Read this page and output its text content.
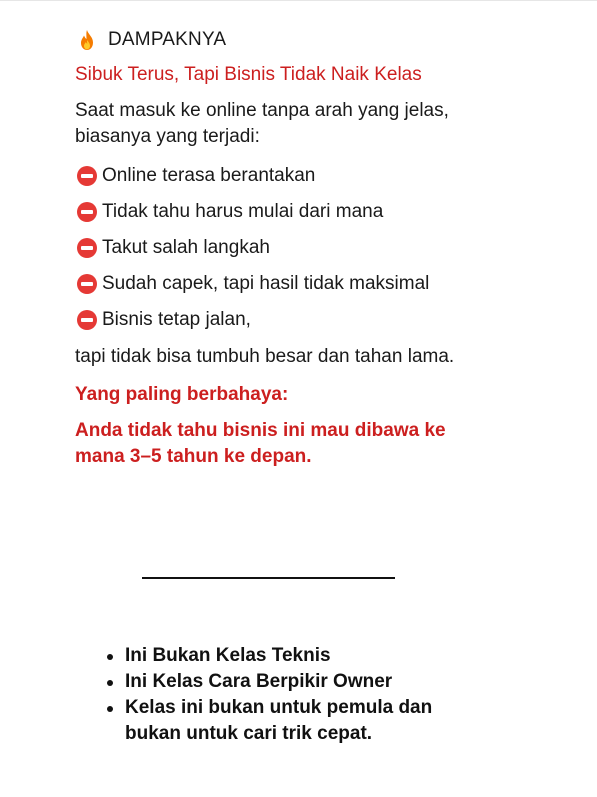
DAMPAKNYA
Sibuk Terus, Tapi Bisnis Tidak Naik Kelas
Saat masuk ke online tanpa arah yang jelas, biasanya yang terjadi:
Online terasa berantakan
Tidak tahu harus mulai dari mana
Takut salah langkah
Sudah capek, tapi hasil tidak maksimal
Bisnis tetap jalan,
tapi tidak bisa tumbuh besar dan tahan lama.
Yang paling berbahaya:
Anda tidak tahu bisnis ini mau dibawa ke mana 3–5 tahun ke depan.
Ini Bukan Kelas Teknis
Ini Kelas Cara Berpikir Owner
Kelas ini bukan untuk pemula dan bukan untuk cari trik cepat.
